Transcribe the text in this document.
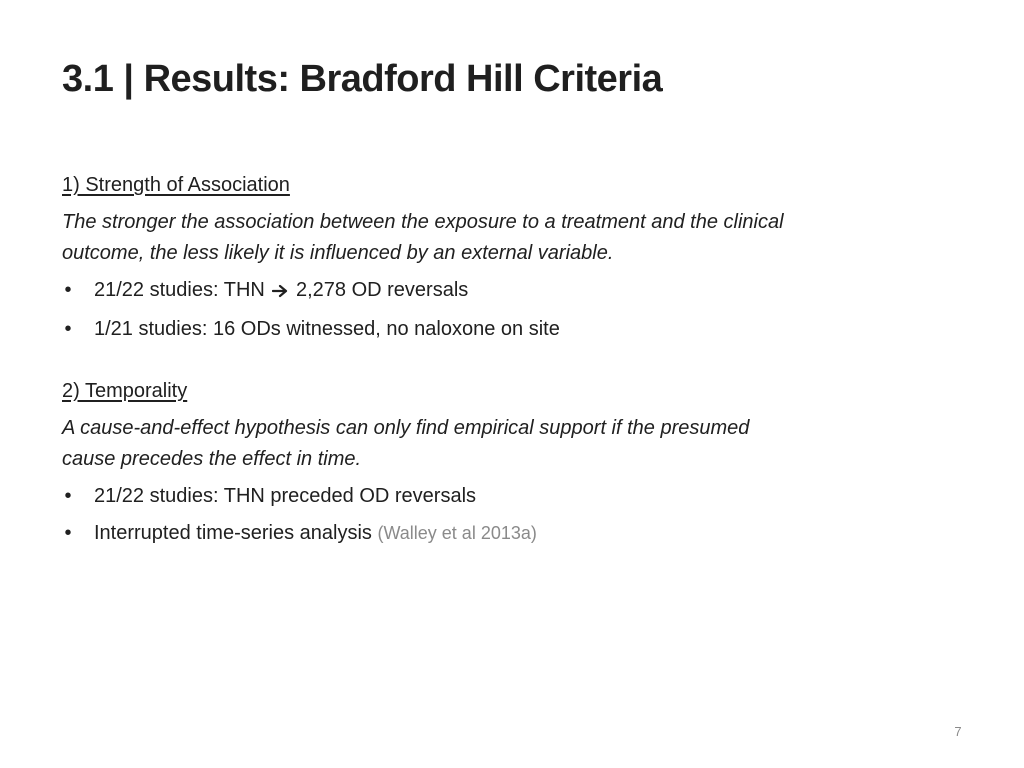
3.1 | Results: Bradford Hill Criteria
1) Strength of Association
The stronger the association between the exposure to a treatment and the clinical
outcome, the less likely it is influenced by an external variable.
• 21/22 studies: THN 2,278 OD reversals
• 1/21 studies: 16 ODs witnessed, no naloxone on site
2) Temporality
A cause-and-effect hypothesis can only find empirical support if the presumed
cause precedes the effect in time.
• 21/22 studies: THN preceded OD reversals
• Interrupted time-series analysis (Walley et al 2013a)
7
